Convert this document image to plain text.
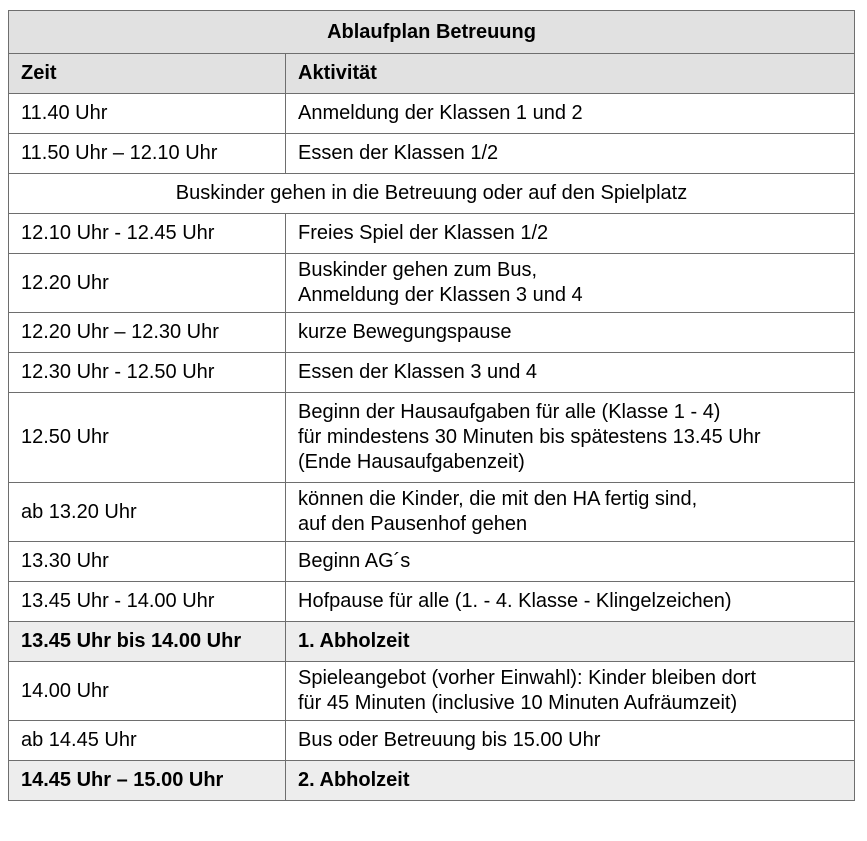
Ablaufplan Betreuung	
Zeit	Aktivität
11.40 Uhr	Anmeldung der Klassen 1 und 2

11.50 Uhr – 12.10 Uhr	Essen der Klassen 1/2

Buskinder gehen in die Betreuung oder auf den Spielplatz	
12.10 Uhr - 12.45 Uhr	Freies Spiel der Klassen 1/2

12.20 Uhr	Buskinder gehen zum Bus,
Anmeldung der Klassen 3 und 4

12.20 Uhr – 12.30 Uhr	kurze Bewegungspause

12.30 Uhr - 12.50 Uhr	Essen der Klassen 3 und 4

12.50 Uhr	Beginn der Hausaufgaben für alle (Klasse 1 - 4)
für mindestens 30 Minuten bis spätestens 13.45 Uhr
(Ende Hausaufgabenzeit)

ab 13.20 Uhr	können die Kinder, die mit den HA fertig sind,
auf den Pausenhof gehen

13.30 Uhr	Beginn AG´s

13.45 Uhr - 14.00 Uhr	Hofpause für alle (1. - 4. Klasse - Klingelzeichen)

13.45 Uhr bis 14.00 Uhr	1. Abholzeit

14.00 Uhr	Spieleangebot (vorher Einwahl): Kinder bleiben dort
für 45 Minuten (inclusive 10 Minuten Aufräumzeit)

ab 14.45 Uhr	Bus oder Betreuung bis 15.00 Uhr

14.45 Uhr – 15.00 Uhr	2. Abholzeit
